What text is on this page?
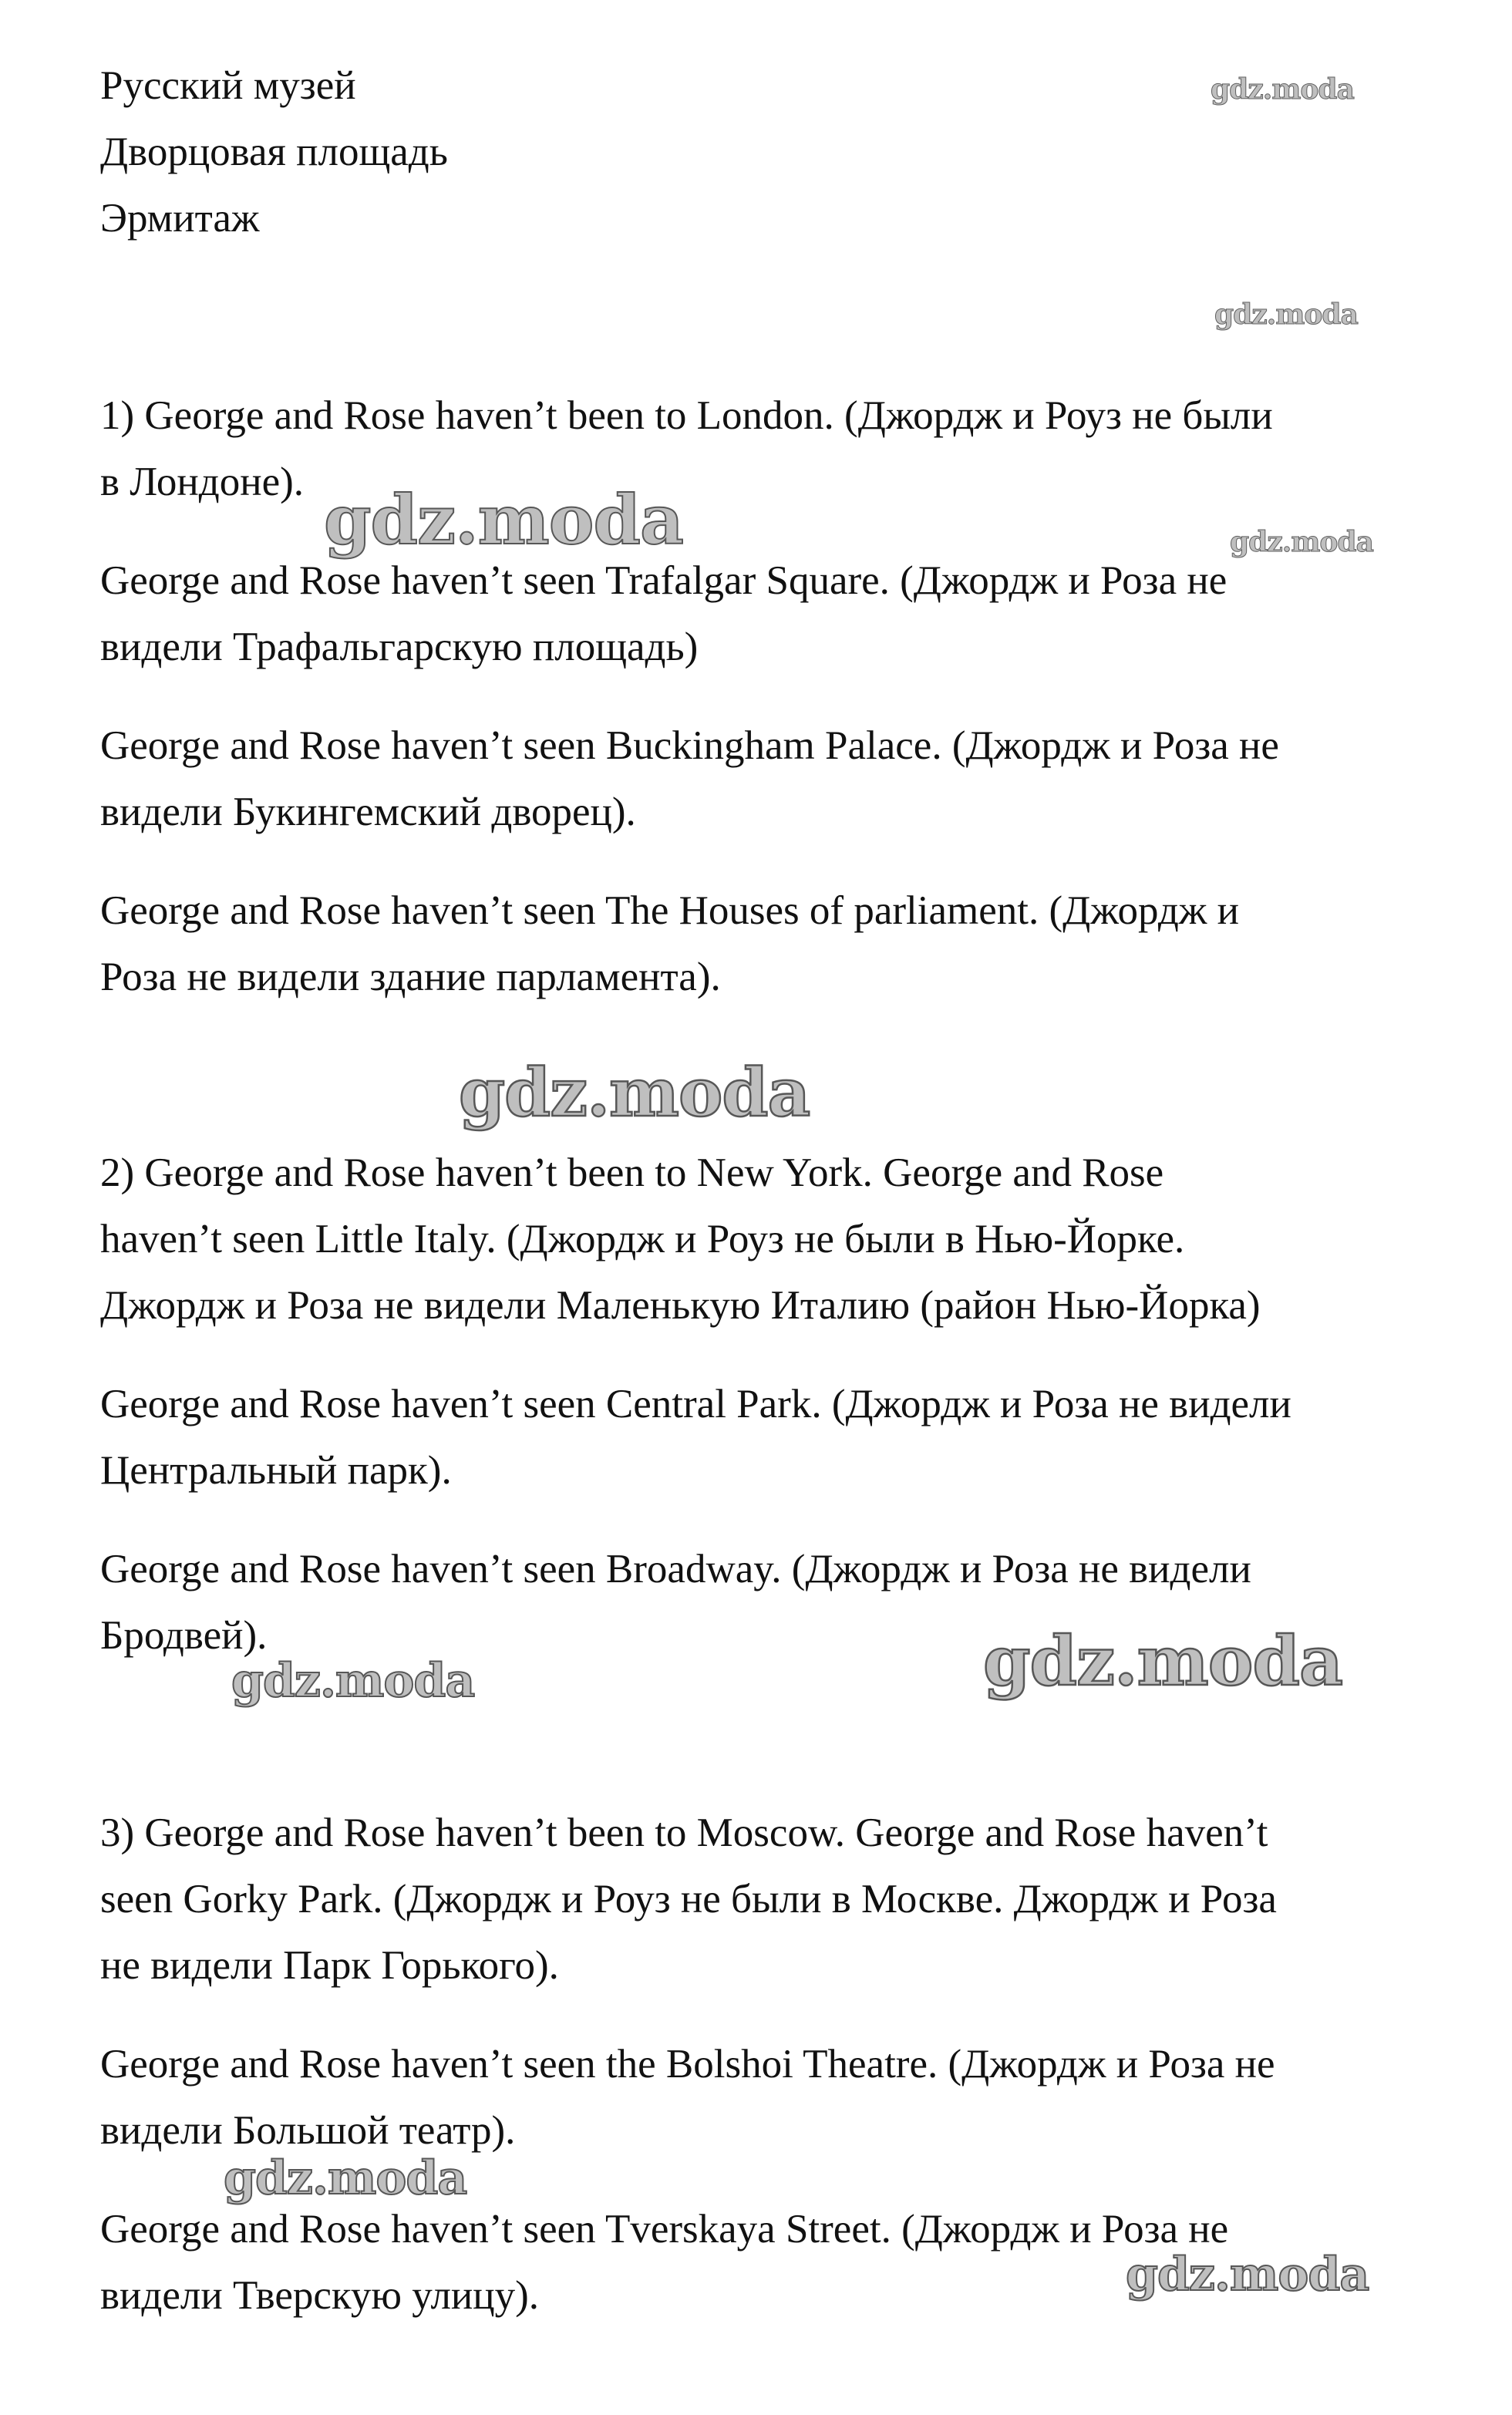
Русский музей

Дворцовая площадь

Эрмитаж

1) George and Rose haven’t been to London. (Джордж и Роуз не были

в Лондоне).

George and Rose haven’t seen Trafalgar Square. (Джордж и Роза не

видели Трафальгарскую площадь)

George and Rose haven’t seen Buckingham Palace. (Джордж и Роза не

видели Букингемский дворец).

George and Rose haven’t seen The Houses of parliament. (Джордж и

Роза не видели здание парламента).

2) George and Rose haven’t been to New York. George and Rose

haven’t seen Little Italy. (Джордж и Роуз не были в Нью-Йорке.

Джордж и Роза не видели Маленькую Италию (район Нью-Йорка)

George and Rose haven’t seen Central Park. (Джордж и Роза не видели

Центральный парк).

George and Rose haven’t seen Broadway. (Джордж и Роза не видели

Бродвей).

3) George and Rose haven’t been to Moscow. George and Rose haven’t

seen Gorky Park. (Джордж и Роуз не были в Москве. Джордж и Роза

не видели Парк Горького).

George and Rose haven’t seen the Bolshoi Theatre. (Джордж и Роза не

видели Большой театр).

George and Rose haven’t seen Tverskaya Street. (Джордж и Роза не

видели Тверскую улицу).

gdz.moda
gdz.moda
gdz.moda	gdz.moda
gdz.moda
gdz.moda	gdz.moda
gdz.moda
gdz.moda
